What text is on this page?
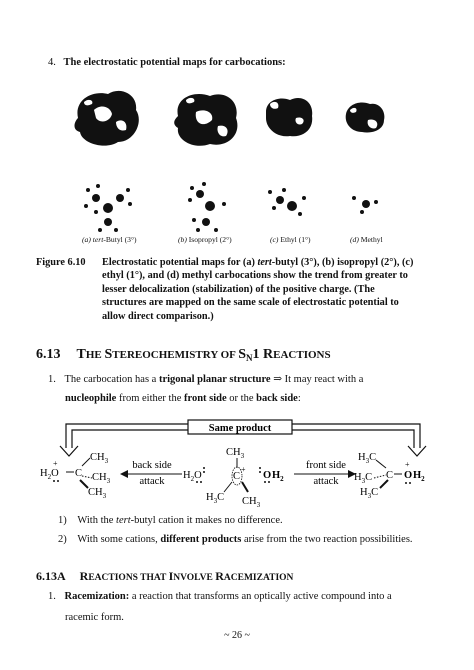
4. The electrostatic potential maps for carbocations:
(a) tert-Butyl (3°)	(b) Isopropyl (2°)	(c) Ethyl (1°)	(d) Methyl
Figure 6.10 Electrostatic potential maps for (a) tert-butyl (3°), (b) isopropyl (2°), (c)
ethyl (1°), and (d) methyl carbocations show the trend from greater to
lesser delocalization (stabilization) of the positive charge. (The
structures are mapped on the same scale of electrostatic potential to
allow direct comparison.)
6.13 THE STEREOCHEMISTRY OF SN1 REACTIONS
1. The carbocation has a trigonal planar structure ⇒ It may react with a
nucleophile from either the front side or the back side:
Same product
$H_2O$
+
C
$CH_3$
$CH_3$
$CH_3$
back side
attack
$H_2O$
$CH_3$
C
+
$H_3C$ $CH_3$
O $H_2$
front side
attack
$H_3C$
$H_3C$
$H_3C$
C O
+
$H_2$
1) With the tert-butyl cation it makes no difference.
2) With some cations, different products arise from the two reaction possibilities.
6.13A REACTIONS THAT INVOLVE RACEMIZATION
1. Racemization: a reaction that transforms an optically active compound into a
racemic form.
~ 26 ~
